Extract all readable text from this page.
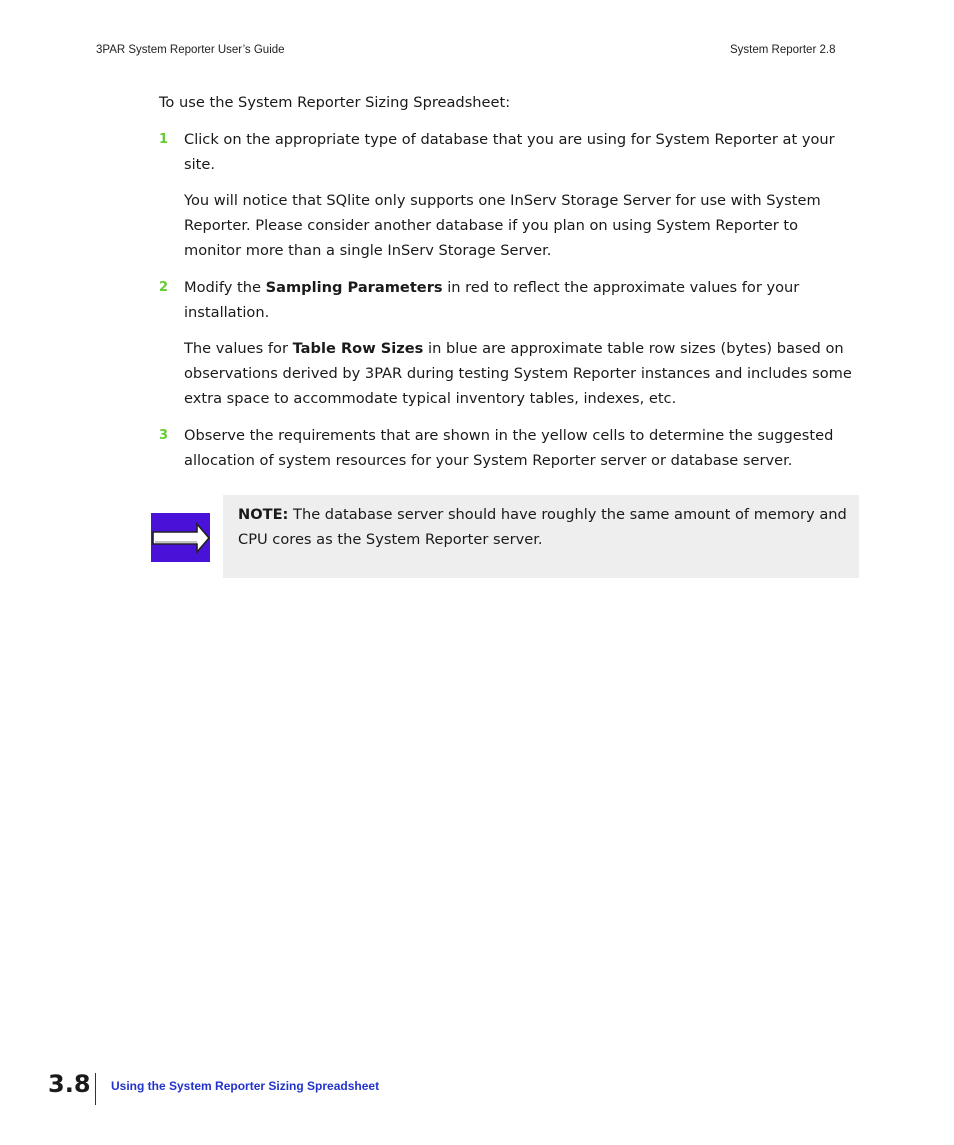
3PAR System Reporter User’s Guide	System Reporter 2.8

To use the System Reporter Sizing Spreadsheet:

1 Click on the appropriate type of database that you are using for System Reporter at your site.

You will notice that SQlite only supports one InServ Storage Server for use with System Reporter. Please consider another database if you plan on using System Reporter to monitor more than a single InServ Storage Server.

2 Modify the Sampling Parameters in red to reflect the approximate values for your installation.

The values for Table Row Sizes in blue are approximate table row sizes (bytes) based on observations derived by 3PAR during testing System Reporter instances and includes some extra space to accommodate typical inventory tables, indexes, etc.

3 Observe the requirements that are shown in the yellow cells to determine the suggested allocation of system resources for your System Reporter server or database server.

NOTE: The database server should have roughly the same amount of memory and CPU cores as the System Reporter server.
3.8 Using the System Reporter Sizing Spreadsheet
